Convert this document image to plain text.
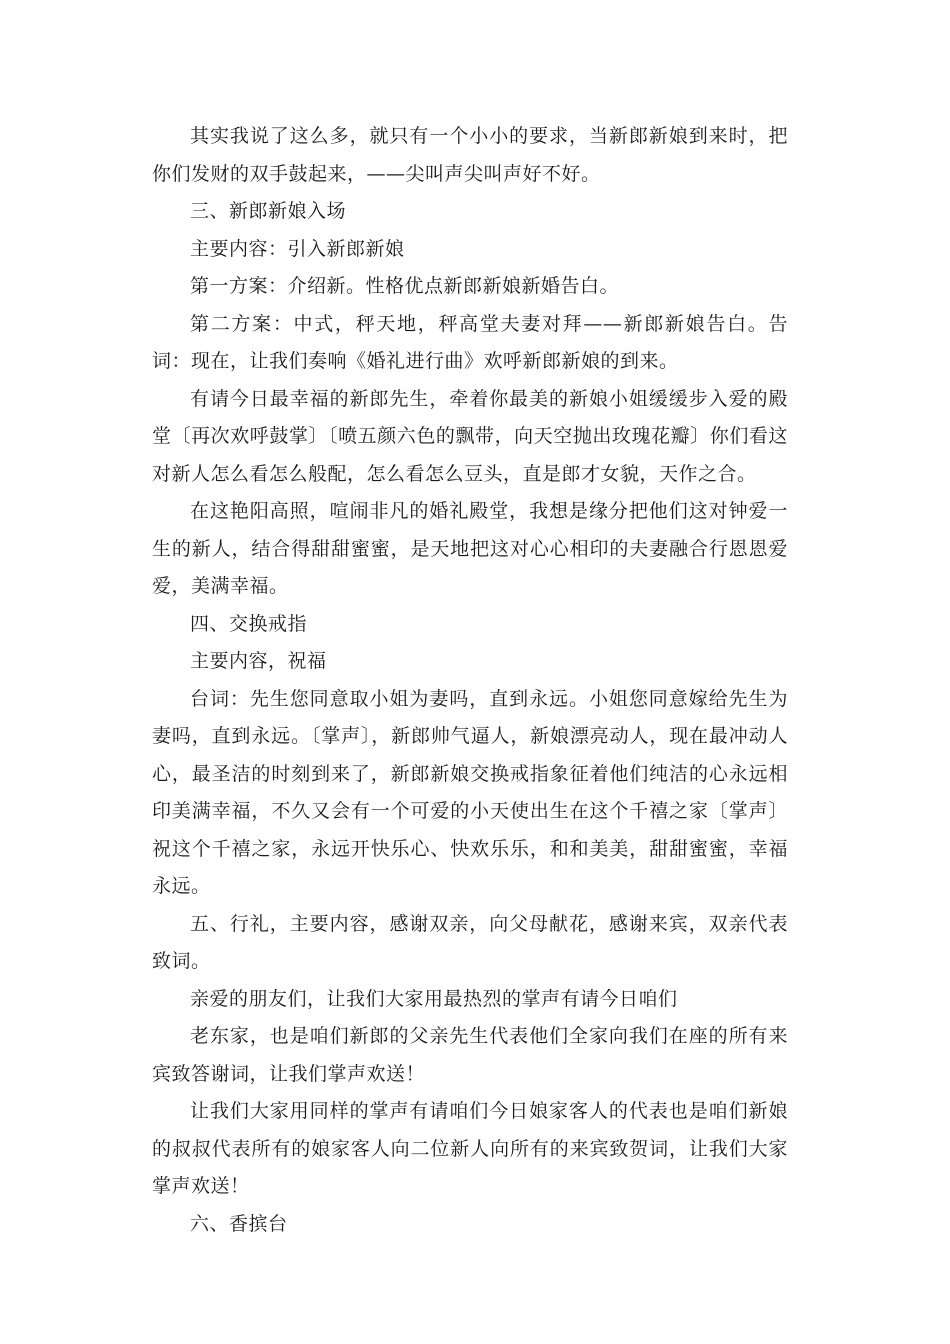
其实我说了这么多，就只有一个小小的要求，当新郎新娘到来时，把你们发财的双手鼓起来，——尖叫声尖叫声好不好。

三、新郎新娘入场

主要内容：引入新郎新娘

第一方案：介绍新。性格优点新郎新娘新婚告白。

第二方案：中式，秤天地，秤高堂夫妻对拜——新郎新娘告白。告词：现在，让我们奏响《婚礼进行曲》欢呼新郎新娘的到来。

有请今日最幸福的新郎先生，牵着你最美的新娘小姐缓缓步入爱的殿堂〔再次欢呼鼓掌〕〔喷五颜六色的飘带，向天空抛出玫瑰花瓣〕你们看这对新人怎么看怎么般配，怎么看怎么豆头，直是郎才女貌，天作之合。

在这艳阳高照，喧闹非凡的婚礼殿堂，我想是缘分把他们这对钟爱一生的新人，结合得甜甜蜜蜜，是天地把这对心心相印的夫妻融合行恩恩爱爱，美满幸福。

四、交换戒指

主要内容，祝福

台词：先生您同意取小姐为妻吗，直到永远。小姐您同意嫁给先生为妻吗，直到永远。〔掌声〕，新郎帅气逼人，新娘漂亮动人，现在最冲动人心，最圣洁的时刻到来了，新郎新娘交换戒指象征着他们纯洁的心永远相印美满幸福，不久又会有一个可爱的小天使出生在这个千禧之家〔掌声〕祝这个千禧之家，永远开快乐心、快欢乐乐，和和美美，甜甜蜜蜜，幸福永远。

五、行礼，主要内容，感谢双亲，向父母献花，感谢来宾，双亲代表致词。

亲爱的朋友们，让我们大家用最热烈的掌声有请今日咱们

老东家，也是咱们新郎的父亲先生代表他们全家向我们在座的所有来宾致答谢词，让我们掌声欢送！

让我们大家用同样的掌声有请咱们今日娘家客人的代表也是咱们新娘的叔叔代表所有的娘家客人向二位新人向所有的来宾致贺词，让我们大家掌声欢送！

六、香摈台
